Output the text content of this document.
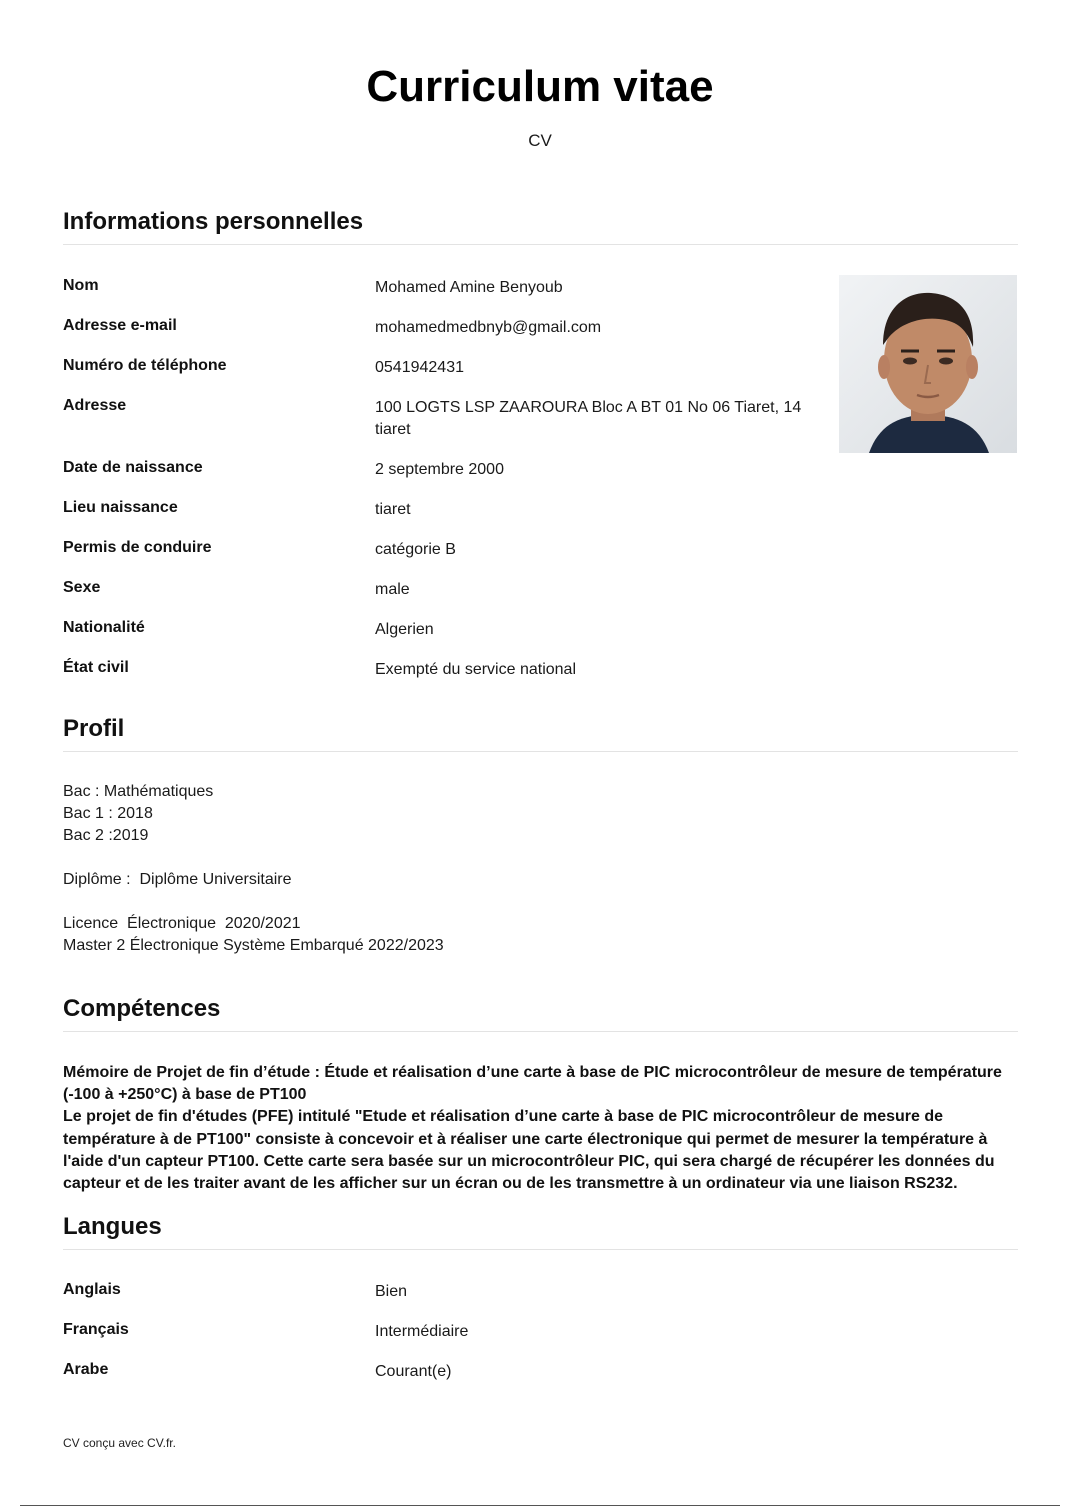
Curriculum vitae
CV
Informations personnelles
Nom	Mohamed Amine Benyoub
Adresse e-mail	mohamedmedbnyb@gmail.com
Numéro de téléphone	0541942431
Adresse	100 LOGTS LSP ZAAROURA Bloc A BT 01 No 06 Tiaret, 14 tiaret
Date de naissance	2 septembre 2000
Lieu naissance	tiaret
Permis de conduire	catégorie B
Sexe	male
Nationalité	Algerien
État civil	Exempté du service national
Profil
Bac : Mathématiques
Bac 1 : 2018
Bac 2 :2019
Diplôme :  Diplôme Universitaire
Licence  Électronique  2020/2021
Master 2 Électronique Système Embarqué 2022/2023
Compétences

Mémoire de Projet de fin d’étude : Étude et réalisation d’une carte à base de PIC microcontrôleur de mesure de température (-100 à +250°C) à base de PT100

Le projet de fin d'études (PFE) intitulé "Etude et réalisation d’une carte à base de PIC microcontrôleur de mesure de température à de PT100" consiste à concevoir et à réaliser une carte électronique qui permet de mesurer la température à l'aide d'un capteur PT100. Cette carte sera basée sur un microcontrôleur PIC, qui sera chargé de récupérer les données du capteur et de les traiter avant de les afficher sur un écran ou de les transmettre à un ordinateur via une liaison RS232.

Langues
Anglais	Bien
Français	Intermédiaire
Arabe	Courant(e)
CV conçu avec CV.fr.
